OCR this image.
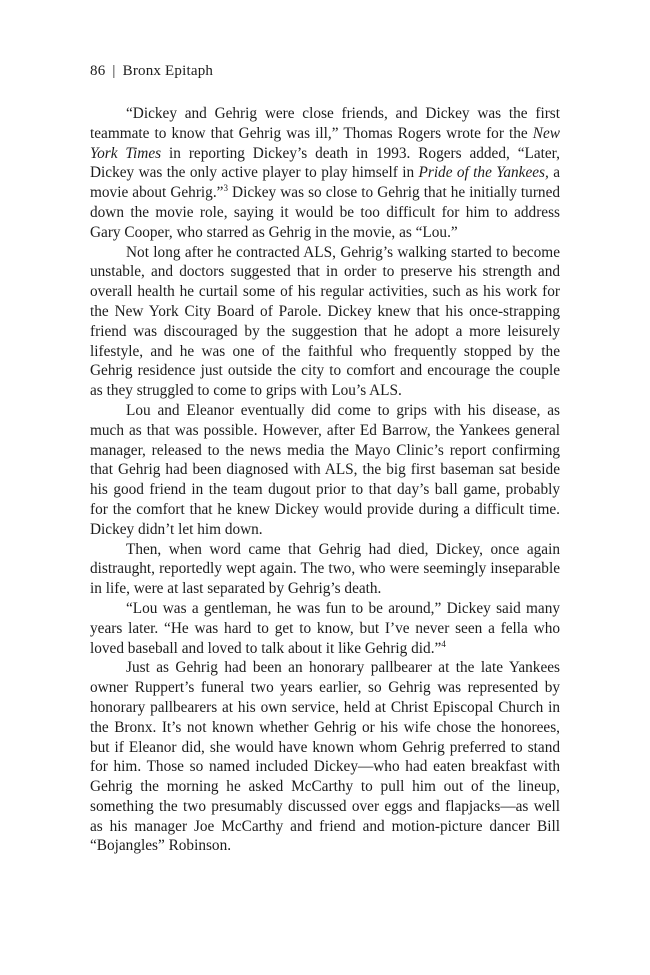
86 | Bronx Epitaph

“Dickey and Gehrig were close friends, and Dickey was the first teammate to know that Gehrig was ill,” Thomas Rogers wrote for the New York Times in reporting Dickey’s death in 1993. Rogers added, “Later, Dickey was the only active player to play himself in Pride of the Yankees, a movie about Gehrig.”$^3$ Dickey was so close to Gehrig that he initially turned down the movie role, saying it would be too difficult for him to address Gary Cooper, who starred as Gehrig in the movie, as “Lou.”

Not long after he contracted ALS, Gehrig’s walking started to become unstable, and doctors suggested that in order to preserve his strength and overall health he curtail some of his regular activities, such as his work for the New York City Board of Parole. Dickey knew that his once-strapping friend was discouraged by the suggestion that he adopt a more leisurely lifestyle, and he was one of the faithful who frequently stopped by the Gehrig residence just outside the city to comfort and encourage the couple as they struggled to come to grips with Lou’s ALS.

Lou and Eleanor eventually did come to grips with his disease, as much as that was possible. However, after Ed Barrow, the Yankees general manager, released to the news media the Mayo Clinic’s report confirming that Gehrig had been diagnosed with ALS, the big first baseman sat beside his good friend in the team dugout prior to that day’s ball game, probably for the comfort that he knew Dickey would provide during a difficult time. Dickey didn’t let him down.

Then, when word came that Gehrig had died, Dickey, once again distraught, reportedly wept again. The two, who were seemingly inseparable in life, were at last separated by Gehrig’s death.

“Lou was a gentleman, he was fun to be around,” Dickey said many years later. “He was hard to get to know, but I’ve never seen a fella who loved baseball and loved to talk about it like Gehrig did.”$^4$

Just as Gehrig had been an honorary pallbearer at the late Yankees owner Ruppert’s funeral two years earlier, so Gehrig was represented by honorary pallbearers at his own service, held at Christ Episcopal Church in the Bronx. It’s not known whether Gehrig or his wife chose the honorees, but if Eleanor did, she would have known whom Gehrig preferred to stand for him. Those so named included Dickey—who had eaten breakfast with Gehrig the morning he asked McCarthy to pull him out of the lineup, something the two presumably discussed over eggs and flapjacks—as well as his manager Joe McCarthy and friend and motion-picture dancer Bill “Bojangles” Robinson.
